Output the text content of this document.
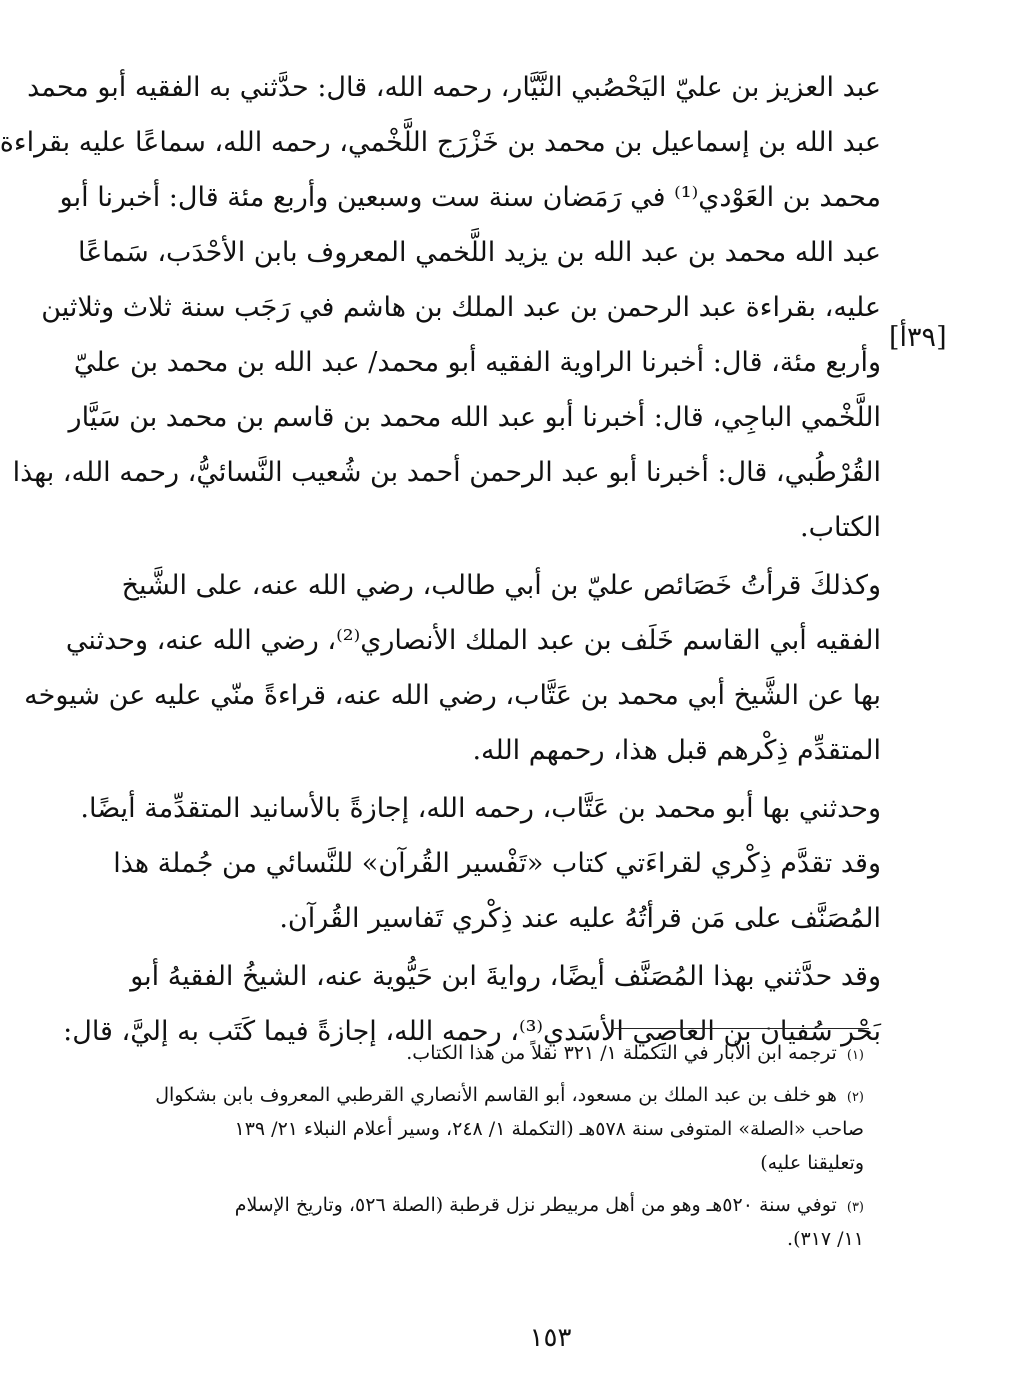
عبد العزيز بن عليّ اليَحْصُبي النَّيَّار، رحمه الله، قال: حدَّثني به الفقيه أبو محمد
عبد الله بن إسماعيل بن محمد بن خَزْرَج اللَّخْمي، رحمه الله، سماعًا عليه بقراءة
محمد بن العَوْدي⁽¹⁾ في رَمَضان سنة ست وسبعين وأربع مئة قال: أخبرنا أبو
عبد الله محمد بن عبد الله بن يزيد اللَّخمي المعروف بابن الأحْدَب، سَماعًا
عليه، بقراءة عبد الرحمن بن عبد الملك بن هاشم في رَجَب سنة ثلاث وثلاثين
وأربع مئة، قال: أخبرنا الراوية الفقيه أبو محمد/ عبد الله بن محمد بن عليّ
اللَّخْمي الباجِي، قال: أخبرنا أبو عبد الله محمد بن قاسم بن محمد بن سَيَّار
القُرْطُبي، قال: أخبرنا أبو عبد الرحمن أحمد بن شُعيب النَّسائيُّ، رحمه الله، بهذا
الكتاب.
وكذلكَ قرأتُ خَصَائص عليّ بن أبي طالب، رضي الله عنه، على الشَّيخ
الفقيه أبي القاسم خَلَف بن عبد الملك الأنصاري⁽²⁾، رضي الله عنه، وحدثني
بها عن الشَّيخ أبي محمد بن عَتَّاب، رضي الله عنه، قراءةً منّي عليه عن شيوخه
المتقدِّم ذِكْرهم قبل هذا، رحمهم الله.
وحدثني بها أبو محمد بن عَتَّاب، رحمه الله، إجازةً بالأسانيد المتقدِّمة أيضًا.
وقد تقدَّم ذِكْري لقراءَتي كتاب «تَفْسير القُرآن» للنَّسائي من جُملة هذا
المُصَنَّف على مَن قرأتُهُ عليه عند ذِكْري تَفاسير القُرآن.
وقد حدَّثني بهذا المُصَنَّف أيضًا، روايةَ ابن حَيُّوية عنه، الشيخُ الفقيهُ أبو
بَحْر سُفيان بن العاصِي الأسَدي⁽³⁾، رحمه الله، إجازةً فيما كَتَب به إليَّ، قال:
[٣٩أ]
(١)ترجمه ابن الأبار في التكملة ١/ ٣٢١ نقلاً من هذا الكتاب.
(٢)هو خلف بن عبد الملك بن مسعود، أبو القاسم الأنصاري القرطبي المعروف بابن بشكوال
صاحب «الصلة» المتوفى سنة ٥٧٨هـ (التكملة ١/ ٢٤٨، وسير أعلام النبلاء ٢١/ ١٣٩
وتعليقنا عليه)
(٣)توفي سنة ٥٢٠هـ وهو من أهل مربيطر نزل قرطبة (الصلة ٥٢٦، وتاريخ الإسلام
١١/ ٣١٧).
١٥٣
